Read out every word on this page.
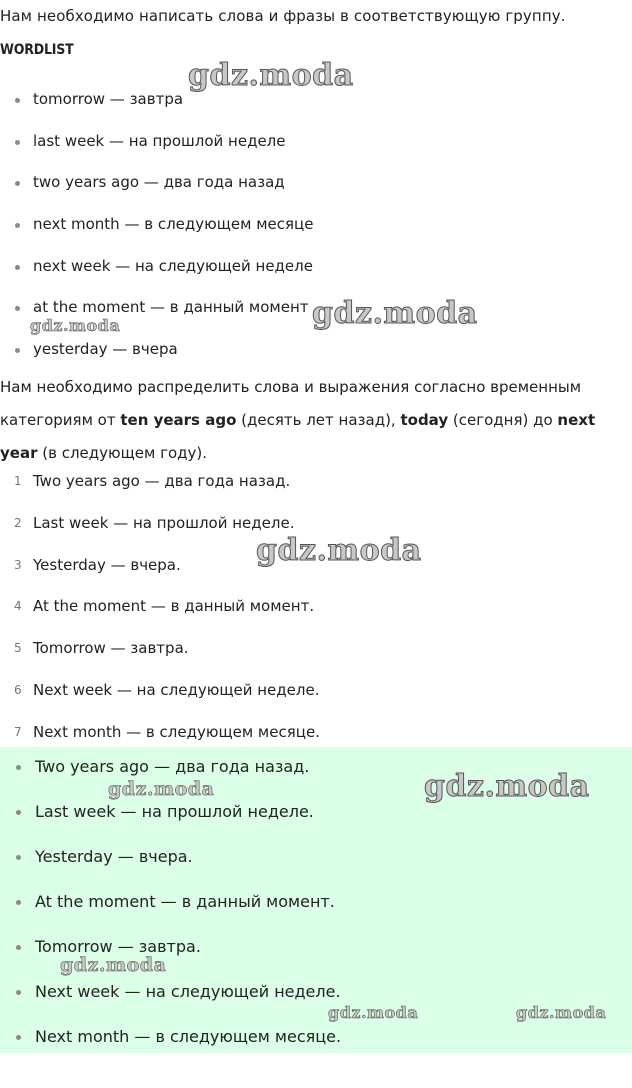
Нам необходимо написать слова и фразы в соответствующую группу.
WORDLIST
tomorrow — завтра
last week — на прошлой неделе
two years ago — два года назад
next month — в следующем месяце
next week — на следующей неделе
at the moment — в данный момент
yesterday — вчера
Нам необходимо распределить слова и выражения согласно временным категориям от ten years ago (десять лет назад), today (сегодня) до next year (в следующем году).
1 Two years ago — два года назад.
2 Last week — на прошлой неделе.
3 Yesterday — вчера.
4 At the moment — в данный момент.
5 Tomorrow — завтра.
6 Next week — на следующей неделе.
7 Next month — в следующем месяце.
Two years ago — два года назад.
Last week — на прошлой неделе.
Yesterday — вчера.
At the moment — в данный момент.
Tomorrow — завтра.
Next week — на следующей неделе.
Next month — в следующем месяце.
gdz.moda
gdz.moda
gdz.moda
gdz.moda
gdz.moda
gdz.moda
gdz.moda
gdz.moda	gdz.moda
